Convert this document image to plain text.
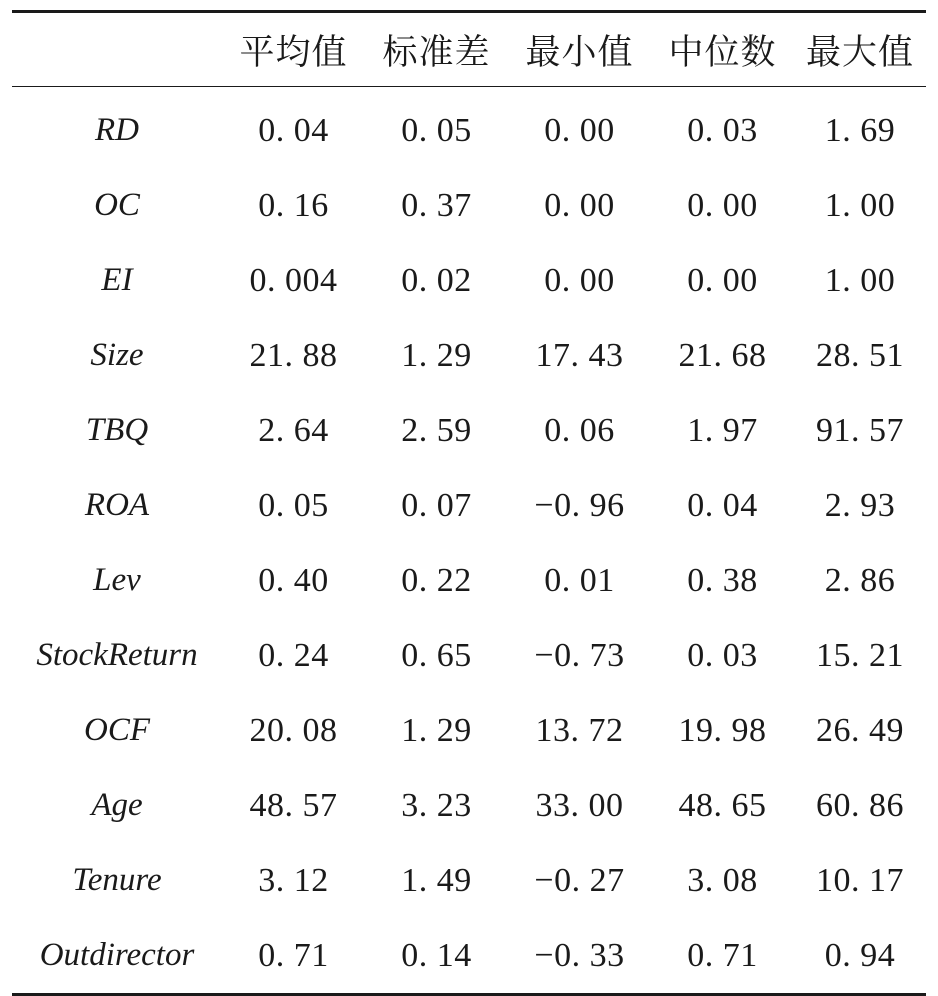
	平均值	标准差	最小值	中位数	最大值
RD	0. 04	0. 05	0. 00	0. 03	1. 69
OC	0. 16	0. 37	0. 00	0. 00	1. 00
EI	0. 004	0. 02	0. 00	0. 00	1. 00
Size	21. 88	1. 29	17. 43	21. 68	28. 51
TBQ	2. 64	2. 59	0. 06	1. 97	91. 57
ROA	0. 05	0. 07	−0. 96	0. 04	2. 93
Lev	0. 40	0. 22	0. 01	0. 38	2. 86
StockReturn	0. 24	0. 65	−0. 73	0. 03	15. 21
OCF	20. 08	1. 29	13. 72	19. 98	26. 49
Age	48. 57	3. 23	33. 00	48. 65	60. 86
Tenure	3. 12	1. 49	−0. 27	3. 08	10. 17
Outdirector	0. 71	0. 14	−0. 33	0. 71	0. 94
